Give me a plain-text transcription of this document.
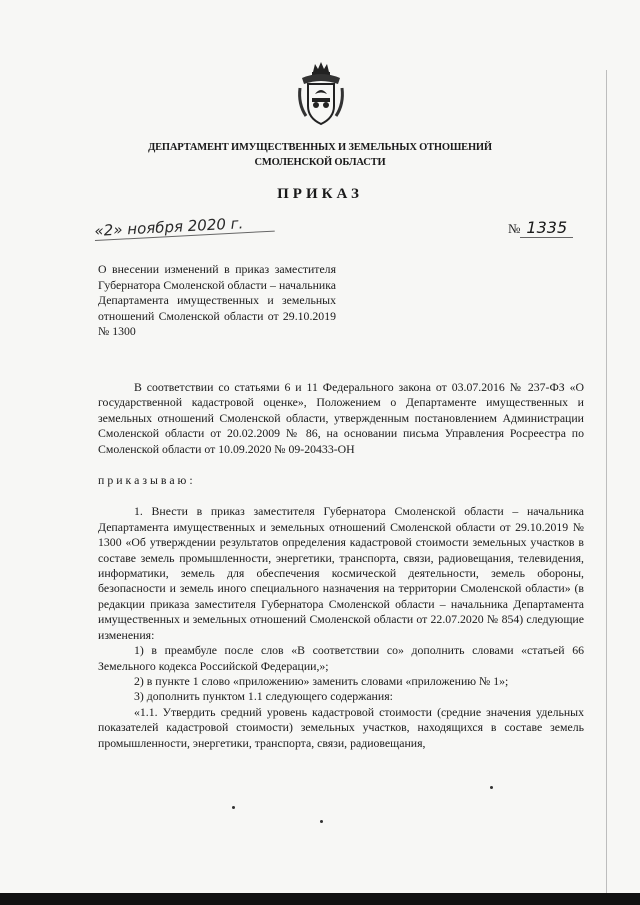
ДЕПАРТАМЕНТ ИМУЩЕСТВЕННЫХ И ЗЕМЕЛЬНЫХ ОТНОШЕНИЙ
СМОЛЕНСКОЙ ОБЛАСТИ
ПРИКАЗ
«2» ноября 2020 г.	№ 1335
О внесении изменений в приказ заместителя Губернатора Смоленской области – начальника Департамента имущественных и земельных отношений Смоленской области от 29.10.2019 № 1300

В соответствии со статьями 6 и 11 Федерального закона от 03.07.2016 № 237-ФЗ «О государственной кадастровой оценке», Положением о Департаменте имущественных и земельных отношений Смоленской области, утвержденным постановлением Администрации Смоленской области от 20.02.2009 № 86, на основании письма Управления Росреестра по Смоленской области от 10.09.2020 № 09-20433-ОН

приказываю:

1. Внести в приказ заместителя Губернатора Смоленской области – начальника Департамента имущественных и земельных отношений Смоленской области от 29.10.2019 № 1300 «Об утверждении результатов определения кадастровой стоимости земельных участков в составе земель промышленности, энергетики, транспорта, связи, радиовещания, телевидения, информатики, земель для обеспечения космической деятельности, земель обороны, безопасности и земель иного специального назначения на территории Смоленской области» (в редакции приказа заместителя Губернатора Смоленской области – начальника Департамента имущественных и земельных отношений Смоленской области от 22.07.2020 № 854) следующие изменения:

1) в преамбуле после слов «В соответствии со» дополнить словами «статьей 66 Земельного кодекса Российской Федерации,»;

2) в пункте 1 слово «приложению» заменить словами «приложению № 1»;

3) дополнить пунктом 1.1 следующего содержания:

«1.1. Утвердить средний уровень кадастровой стоимости (средние значения удельных показателей кадастровой стоимости) земельных участков, находящихся в составе земель промышленности, энергетики, транспорта, связи, радиовещания,
